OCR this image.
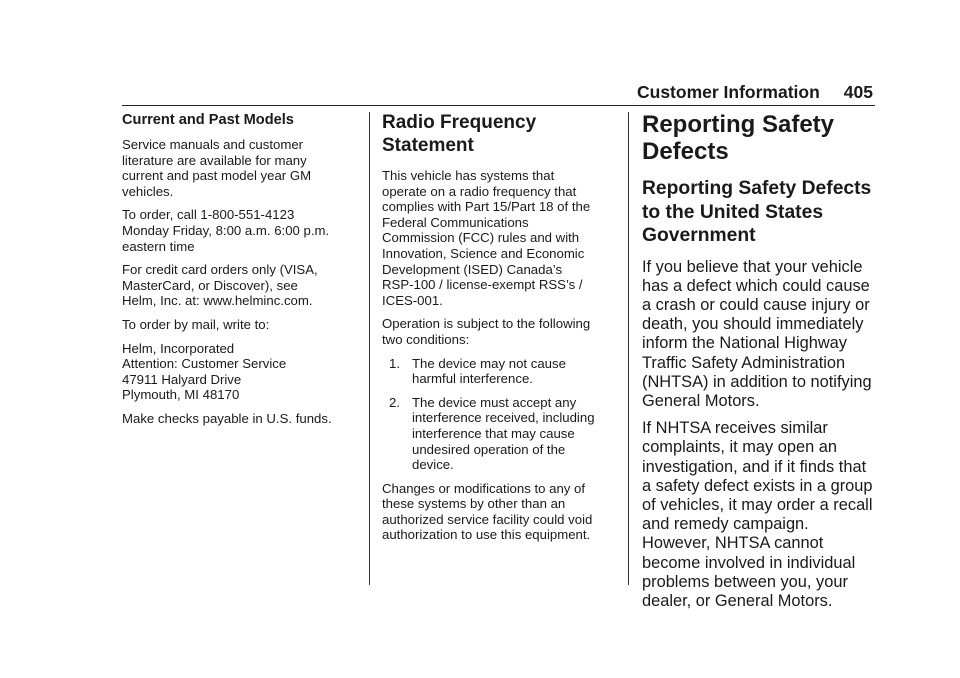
Customer Information 405
Current and Past Models

Service manuals and customer
literature are available for many
current and past model year GM
vehicles.

To order, call 1-800-551-4123
Monday Friday, 8:00 a.m. 6:00 p.m.
eastern time

For credit card orders only (VISA,
MasterCard, or Discover), see
Helm, Inc. at: www.helminc.com.

To order by mail, write to:

Helm, Incorporated
Attention: Customer Service
47911 Halyard Drive
Plymouth, MI 48170

Make checks payable in U.S. funds.

Radio Frequency
Statement

This vehicle has systems that
operate on a radio frequency that
complies with Part 15/Part 18 of the
Federal Communications
Commission (FCC) rules and with
Innovation, Science and Economic
Development (ISED) Canada’s
RSP-100 / license-exempt RSS’s /
ICES-001.

Operation is subject to the following
two conditions:

1. The device may not cause
harmful interference.
2. The device must accept any
interference received, including
interference that may cause
undesired operation of the
device.

Changes or modifications to any of
these systems by other than an
authorized service facility could void
authorization to use this equipment.

Reporting Safety
Defects
Reporting Safety Defects
to the United States
Government

If you believe that your vehicle
has a defect which could cause
a crash or could cause injury or
death, you should immediately
inform the National Highway
Traffic Safety Administration
(NHTSA) in addition to notifying
General Motors.

If NHTSA receives similar
complaints, it may open an
investigation, and if it finds that
a safety defect exists in a group
of vehicles, it may order a recall
and remedy campaign.
However, NHTSA cannot
become involved in individual
problems between you, your
dealer, or General Motors.
